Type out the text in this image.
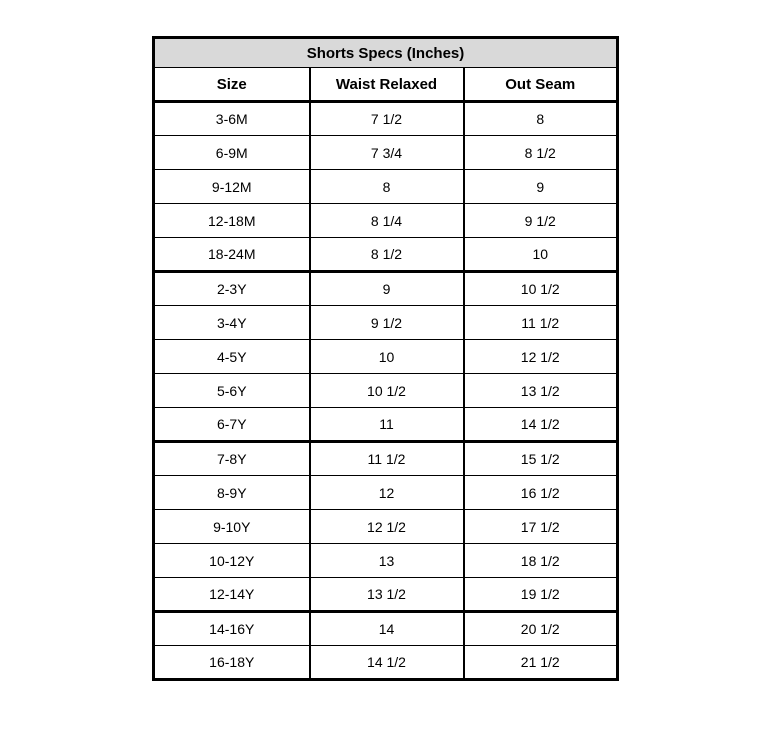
Shorts Specs (Inches)		
Size	Waist Relaxed	Out Seam
3-6M	7 1/2	8
6-9M	7 3/4	8 1/2
9-12M	8	9
12-18M	8 1/4	9 1/2
18-24M	8 1/2	10
2-3Y	9	10 1/2
3-4Y	9 1/2	11 1/2
4-5Y	10	12 1/2
5-6Y	10 1/2	13 1/2
6-7Y	11	14 1/2
7-8Y	11 1/2	15 1/2
8-9Y	12	16 1/2
9-10Y	12 1/2	17 1/2
10-12Y	13	18 1/2
12-14Y	13 1/2	19 1/2
14-16Y	14	20 1/2
16-18Y	14 1/2	21 1/2
